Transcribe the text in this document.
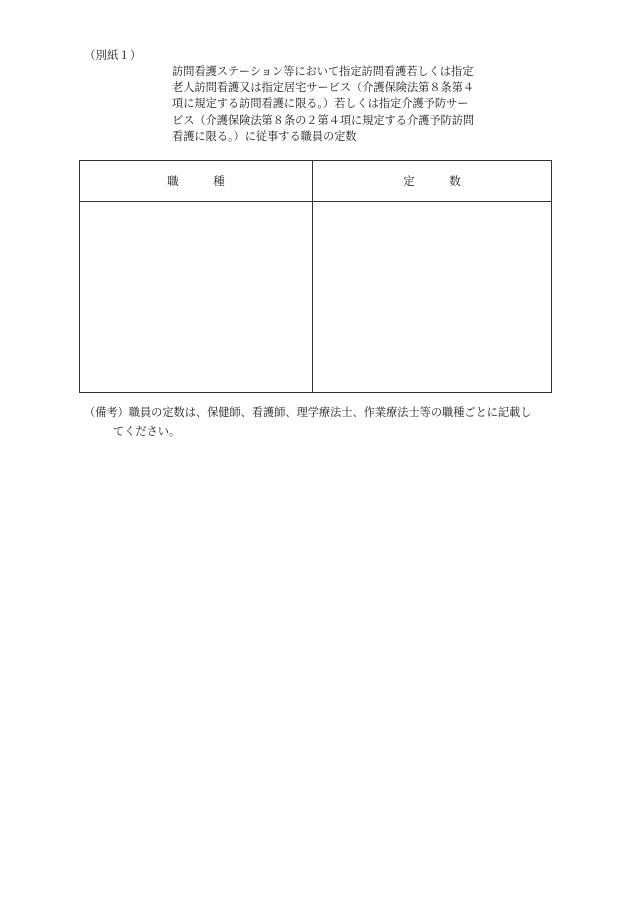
（別紙１）
訪問看護ステーション等において指定訪問看護若しくは指定
老人訪問看護又は指定居宅サービス（介護保険法第８条第４
項に規定する訪問看護に限る。）若しくは指定介護予防サー
ビス（介護保険法第８条の２第４項に規定する介護予防訪問
看護に限る。）に従事する職員の定数
職　　　種	定　　　数

（備考）職員の定数は、保健師、看護師、理学療法士、作業療法士等の職種ごとに記載し
てください。
